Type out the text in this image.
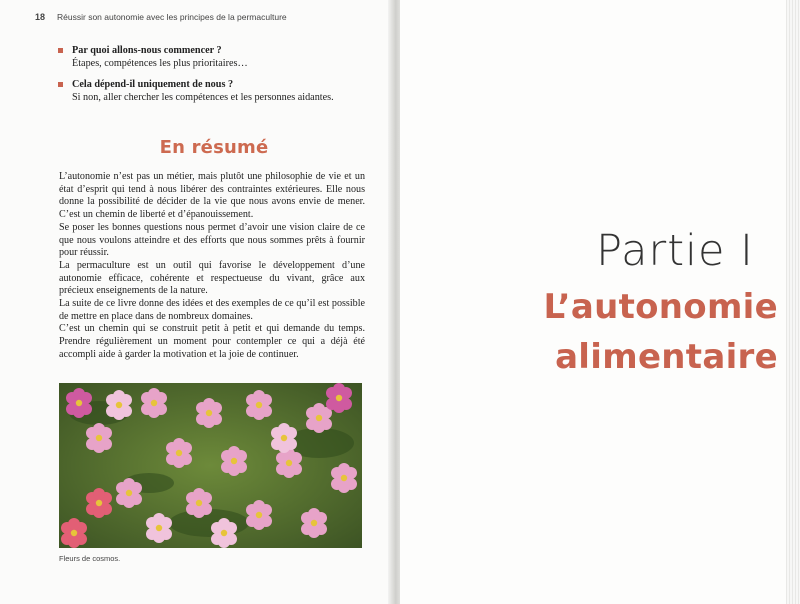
18 Réussir son autonomie avec les principes de la permaculture
Par quoi allons-nous commencer ?
Étapes, compétences les plus prioritaires…
Cela dépend-il uniquement de nous ?
Si non, aller chercher les compétences et les personnes aidantes.
En résumé

L’autonomie n’est pas un métier, mais plutôt une philosophie de vie et un état d’esprit qui tend à nous libérer des contraintes extérieures. Elle nous donne la possibilité de décider de la vie que nous avons envie de mener. C’est un chemin de liberté et d’épanouissement.

Se poser les bonnes questions nous permet d’avoir une vision claire de ce que nous voulons atteindre et des efforts que nous sommes prêts à fournir pour réussir.

La permaculture est un outil qui favorise le développement d’une autonomie efficace, cohérente et respectueuse du vivant, grâce aux précieux enseignements de la nature.

La suite de ce livre donne des idées et des exemples de ce qu’il est possible de mettre en place dans de nombreux domaines.

C’est un chemin qui se construit petit à petit et qui demande du temps. Prendre régulièrement un moment pour contempler ce qui a déjà été accompli aide à garder la motivation et la joie de continuer.

Fleurs de cosmos.
Partie I
L’autonomie
alimentaire
